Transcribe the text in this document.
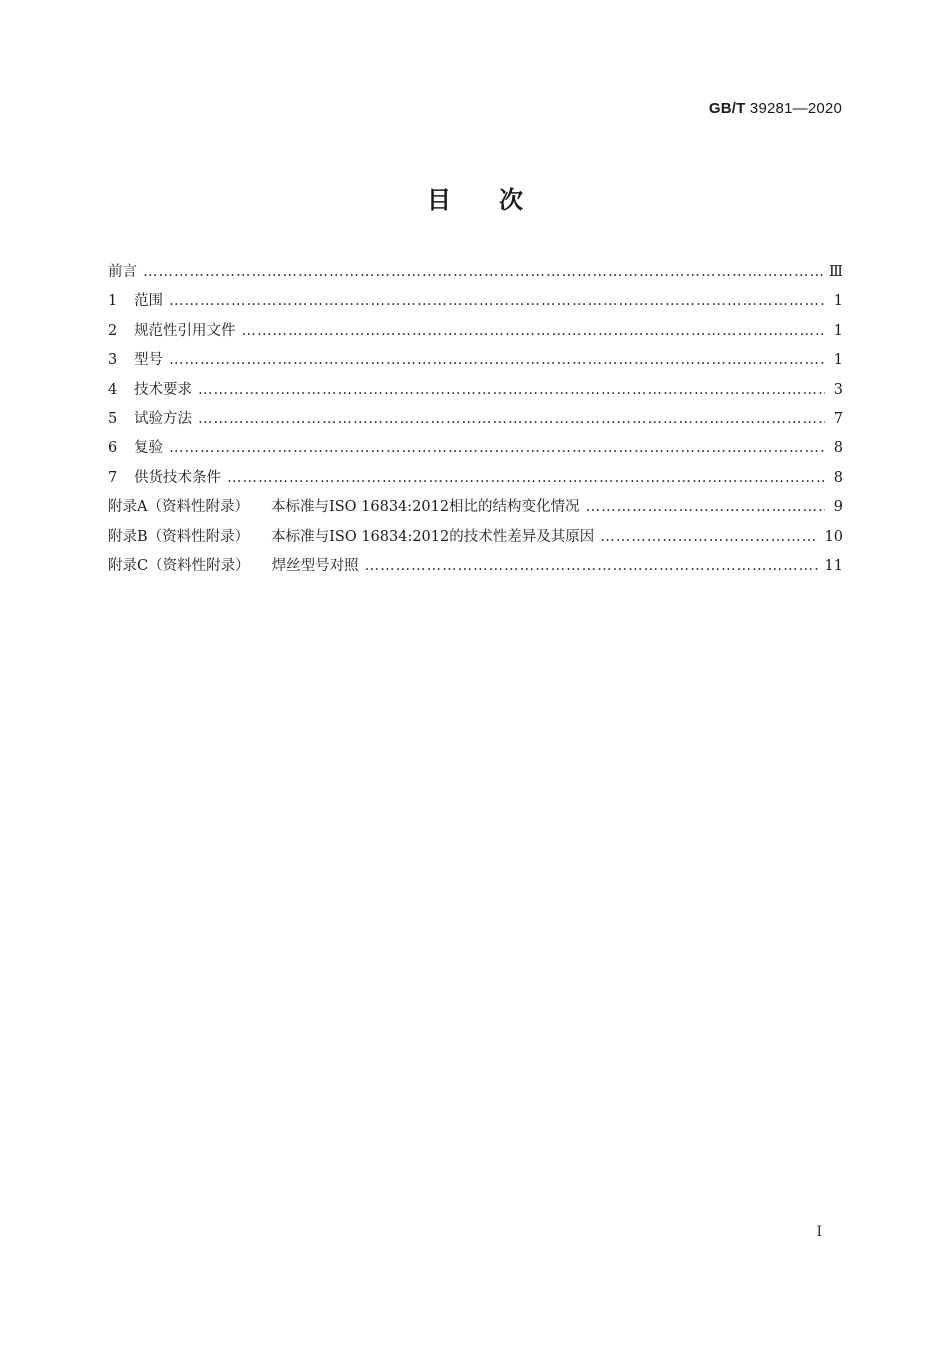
GB/T 39281—2020
目次
前言 …………………………………………………………………………………………………………………………………………………………………………	Ⅲ
1	范围 …………………………………………………………………………………………………………………………………………………………………………	1
2	规范性引用文件 …………………………………………………………………………………………………………………………………………………………………………	1
3	型号 …………………………………………………………………………………………………………………………………………………………………………	1
4	技术要求 …………………………………………………………………………………………………………………………………………………………………………	3
5	试验方法 …………………………………………………………………………………………………………………………………………………………………………	7
6	复验 …………………………………………………………………………………………………………………………………………………………………………	8
7	供货技术条件 …………………………………………………………………………………………………………………………………………………………………………	8
附录A（资料性附录） 本标准与ISO 16834:2012相比的结构变化情况 …………………………………………………………………………………………………………………………………………………………………………	9
附录B（资料性附录） 本标准与ISO 16834:2012的技术性差异及其原因 …………………………………………………………………………………………………………………………………………………………………………	10
附录C（资料性附录） 焊丝型号对照 …………………………………………………………………………………………………………………………………………………………………………	11
I
